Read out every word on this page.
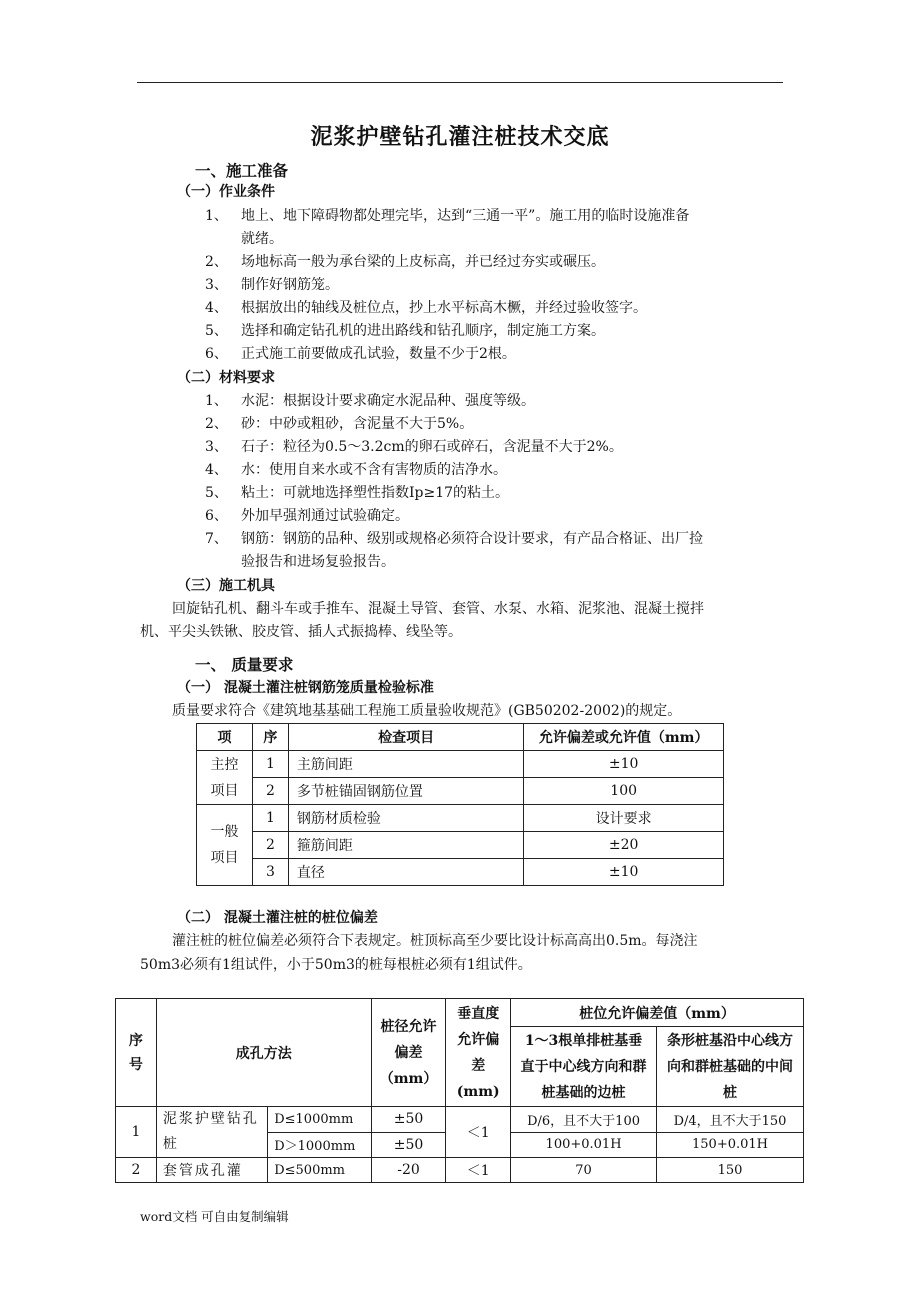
泥浆护壁钻孔灌注桩技术交底
一、施工准备
（一）作业条件
1、 地上、地下障碍物都处理完毕，达到“三通一平”。施工用的临时设施准备
就绪。
2、 场地标高一般为承台梁的上皮标高，并已经过夯实或碾压。
3、 制作好钢筋笼。
4、 根据放出的轴线及桩位点，抄上水平标高木橛，并经过验收签字。
5、 选择和确定钻孔机的进出路线和钻孔顺序，制定施工方案。
6、 正式施工前要做成孔试验，数量不少于2根。
（二）材料要求
1、 水泥：根据设计要求确定水泥品种、强度等级。
2、 砂：中砂或粗砂，含泥量不大于5%。
3、 石子：粒径为0.5～3.2cm的卵石或碎石，含泥量不大于2%。
4、 水：使用自来水或不含有害物质的洁净水。
5、 粘土：可就地选择塑性指数Ip≥17的粘土。
6、 外加早强剂通过试验确定。
7、 钢筋：钢筋的品种、级别或规格必须符合设计要求，有产品合格证、出厂捡
验报告和进场复验报告。
（三）施工机具
回旋钻孔机、翻斗车或手推车、混凝土导管、套管、水泵、水箱、泥浆池、混凝土搅拌
机、平尖头铁锹、胶皮管、插人式振捣棒、线坠等。
一、 质量要求
（一） 混凝土灌注桩钢筋笼质量检验标准
质量要求符合《建筑地基基础工程施工质量验收规范》(GB50202-2002)的规定。
项	序	检查项目	允许偏差或允许值（mm）
主控项目	1	主筋间距	±10
	2	多节桩锚固钢筋位置	100
一般项目	1	钢筋材质检验	设计要求
	2	箍筋间距	±20
	3	直径	±10
（二） 混凝土灌注桩的桩位偏差
灌注桩的桩位偏差必须符合下表规定。桩顶标高至少要比设计标高高出0.5m。每浇注
50m3必须有1组试件，小于50m3的桩每根桩必须有1组试件。
序号	成孔方法		桩径允许偏差（mm）	垂直度允许偏差(mm)	桩位允许偏差值（mm）	
					1～3根单排桩基垂直于中心线方向和群桩基础的边桩	条形桩基沿中心线方向和群桩基础的中间桩
1	泥浆护壁钻孔桩	D≤1000mm	±50	＜1	D/6，且不大于100	D/4，且不大于150
		D＞1000mm	±50		100+0.01H	150+0.01H
2	套管成孔灌	D≤500mm	-20	＜1	70	150
word文档 可自由复制编辑
